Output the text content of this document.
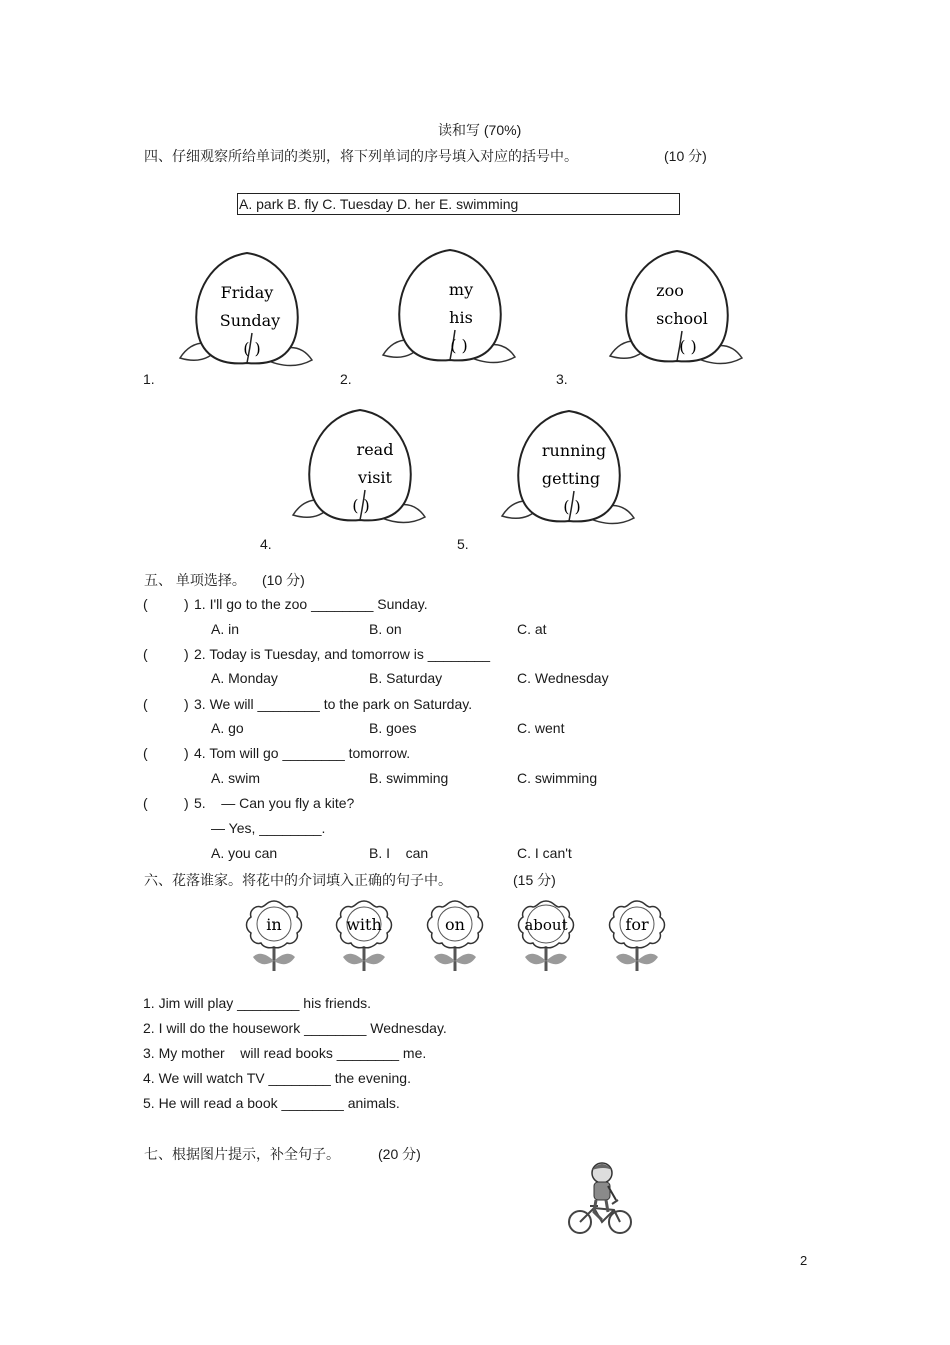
读和写 (70%)
四、仔细观察所给单词的类别，将下列单词的序号填入对应的括号中。	(10 分)
A. park B. fly C. Tuesday D. her E. swimming
1.
Friday
Sunday
( )
2.
my
his
( )
3.
zoo
school
( )
4.
read
visit
( )
5.
running
getting
( )
五、 单项选择。 (10 分)
(	) 1. I'll go to the zoo ________ Sunday.
A. in	B. on	C. at
(	) 2. Today is Tuesday, and tomorrow is ________
A. Monday	B. Saturday	C. Wednesday
(	) 3. We will ________ to the park on Saturday.
A. go	B. goes	C. went
(	) 4. Tom will go ________ tomorrow.
A. swim	B. swimming	C. swimming
(	) 5.    — Can you fly a kite?
— Yes, ________.
A. you can	B. I    can	C. I can't
六、花落谁家。将花中的介词填入正确的句子中。	(15 分)
in	with	on	about	for
1. Jim will play ________ his friends.
2. I will do the housework ________ Wednesday.
3. My mother    will read books ________ me.
4. We will watch TV ________ the evening.
5. He will read a book ________ animals.
七、根据图片提示，补全句子。	(20 分)
2
